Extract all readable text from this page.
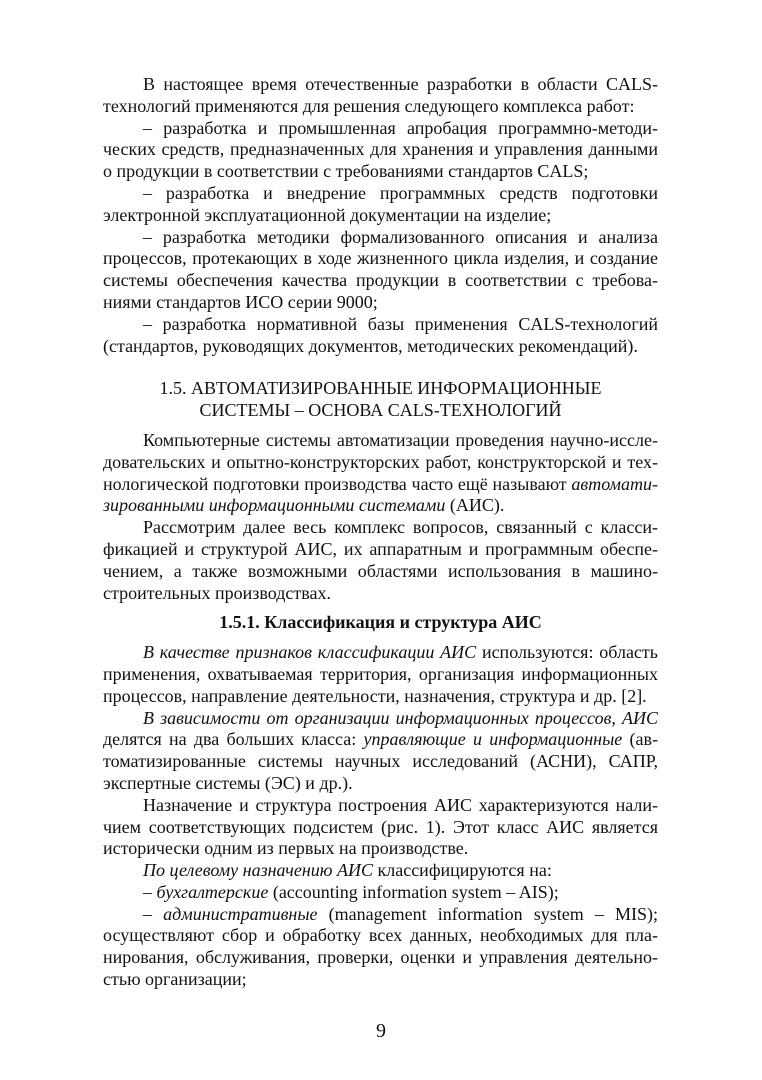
В настоящее время отечественные разработки в области CALS-
технологий применяются для решения следующего комплекса работ:
– разработка и промышленная апробация программно-методи-
ческих средств, предназначенных для хранения и управления данными
о продукции в соответствии с требованиями стандартов CALS;
– разработка и внедрение программных средств подготовки
электронной эксплуатационной документации на изделие;
– разработка методики формализованного описания и анализа
процессов, протекающих в ходе жизненного цикла изделия, и создание
системы обеспечения качества продукции в соответствии с требова-
ниями стандартов ИСО серии 9000;
– разработка нормативной базы применения CALS-технологий
(стандартов, руководящих документов, методических рекомендаций).
1.5. АВТОМАТИЗИРОВАННЫЕ ИНФОРМАЦИОННЫЕ
СИСТЕМЫ – ОСНОВА CALS-ТЕХНОЛОГИЙ
Компьютерные системы автоматизации проведения научно-исслe-
довательских и опытно-конструкторских работ, конструкторской и тех-
нологической подготовки производства часто ещё называют автомати-
зированными информационными системами (АИС).
Рассмотрим далее весь комплекс вопросов, связанный с класси-
фикацией и структурой АИС, их аппаратным и программным обеспе-
чением, а также возможными областями использования в машино-
строительных производствах.
1.5.1. Классификация и структура АИС
В качестве признаков классификации АИС используются: область
применения, охватываемая территория, организация информационных
процессов, направление деятельности, назначения, структура и др. [2].
В зависимости от организации информационных процессов, АИС
делятся на два больших класса: управляющие и информационные (ав-
томатизированные системы научных исследований (АСНИ), САПР,
экспертные системы (ЭС) и др.).
Назначение и структура построения АИС характеризуются нали-
чием соответствующих подсистем (рис. 1). Этот класс АИС является
исторически одним из первых на производстве.
По целевому назначению АИС классифицируются на:
– бухгалтерские (accounting information system – AIS);
– административные (management information system – MIS);
осуществляют сбор и обработку всех данных, необходимых для пла-
нирования, обслуживания, проверки, оценки и управления деятельно-
стью организации;
9
